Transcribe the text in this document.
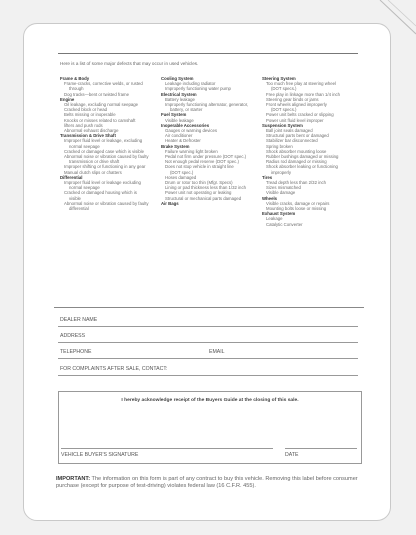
Here is a list of some major defects that may occur in used vehicles.
Frame & Body
Frame-cracks, corrective welds, or rusted
through
Dog tracks—bent or twisted frame
Engine
Oil leakage, excluding normal seepage
Cracked block or head
Belts missing or inoperable
Knocks or misses related to camshaft
lifters and push rods
Abnormal exhaust discharge
Transmission & Drive Shaft
Improper fluid level or leakage, excluding
normal seepage
Cracked or damaged case which is visible
Abnormal noise or vibration caused by faulty
transmission or drive shaft
Improper shifting or functioning in any gear
Manual clutch slips or chatters
Differential
Improper fluid level or leakage excluding
normal seepage
Cracked or damaged housing which is
visible
Abnormal noise or vibration caused by faulty
differential
Cooling System
Leakage including radiator
Improperly functioning water pump
Electrical System
Battery leakage
Improperly functioning alternator, generator,
battery, or starter
Fuel System
Visible leakage
Inoperable Accessories
Gauges or warning devices
Air conditioner
Heater & Defroster
Brake System
Failure warning light broken
Pedal not firm under pressure (DOT spec.)
Not enough pedal reserve (DOT spec.)
Does not stop vehicle in straight line
(DOT spec.)
Hoses damaged
Drum or rotor too thin (Mfgr. Specs)
Lining or pad thickness less than 1/32 inch
Power unit not operating or leaking
Structural or mechanical parts damaged
Air Bags
Steering System
Too much free play at steering wheel
(DOT specs.)
Free play in linkage more than 1/4 inch
Steering gear binds or jams
Front wheels aligned improperly
(DOT specs.)
Power unit belts cracked or slipping
Power unit fluid level improper
Suspension System
Ball joint seals damaged
Structural parts bent or damaged
Stabilizer bar disconnected
Spring broken
Shock absorber mounting loose
Rubber bushings damaged or missing
Radius rod damaged or missing
Shock absorber leaking or functioning
improperly
Tires
Tread depth less than 2/32 inch
Sizes mismatched
Visible damage
Wheels
Visible cracks, damage or repairs
Mounting bolts loose or missing
Exhaust System
Leakage
Catalytic Converter
DEALER NAME
ADDRESS
TELEPHONE	EMAIL
FOR COMPLAINTS AFTER SALE, CONTACT:
I hereby acknowledge receipt of the Buyers Guide at the closing of this sale.
VEHICLE BUYER'S SIGNATURE	DATE
IMPORTANT: The information on this form is part of any contract to buy this vehicle. Removing this label before consumer purchase (except for purpose of test-driving) violates federal law (16 C.F.R. 455).
